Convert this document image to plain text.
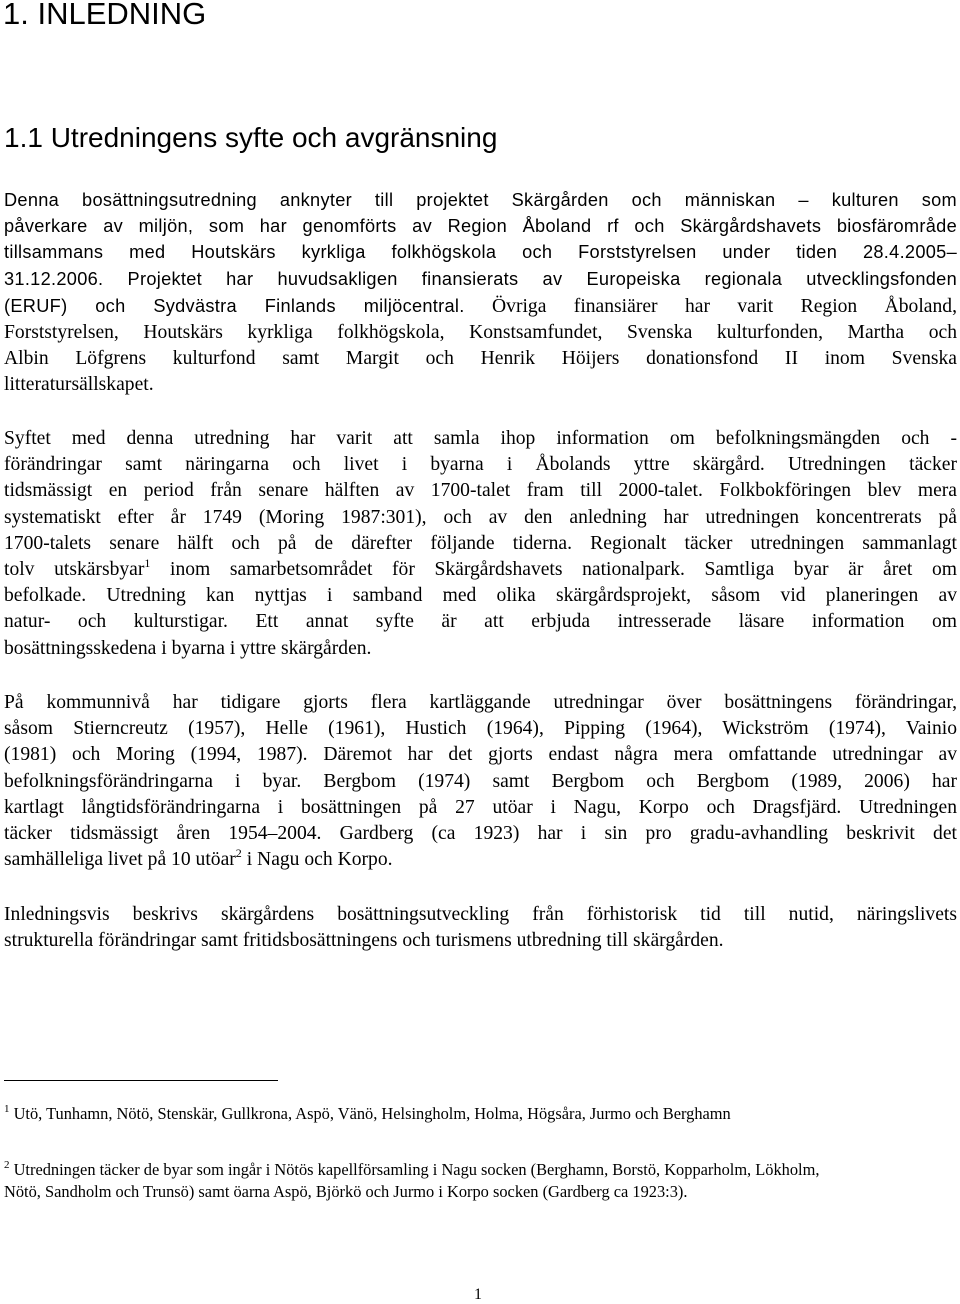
1. INLEDNING
1.1 Utredningens syfte och avgränsning
Denna bosättningsutredning anknyter till projektet Skärgården och människan – kulturen som
påverkare av miljön, som har genomförts av Region Åboland rf och Skärgårdshavets biosfärområde
tillsammans med Houtskärs kyrkliga folkhögskola och Forststyrelsen under tiden 28.4.2005–
31.12.2006. Projektet har huvudsakligen finansierats av Europeiska regionala utvecklingsfonden
(ERUF) och Sydvästra Finlands miljöcentral. Övriga finansiärer har varit Region Åboland,
Forststyrelsen, Houtskärs kyrkliga folkhögskola, Konstsamfundet, Svenska kulturfonden, Martha och
Albin Löfgrens kulturfond samt Margit och Henrik Höijers donationsfond II inom Svenska
litteratursällskapet.
Syftet med denna utredning har varit att samla ihop information om befolkningsmängden och -
förändringar samt näringarna och livet i byarna i Åbolands yttre skärgård. Utredningen täcker
tidsmässigt en period från senare hälften av 1700-talet fram till 2000-talet. Folkbokföringen blev mera
systematiskt efter år 1749 (Moring 1987:301), och av den anledning har utredningen koncentrerats på
1700-talets senare hälft och på de därefter följande tiderna. Regionalt täcker utredningen sammanlagt
tolv utskärsbyar$^1$ inom samarbetsområdet för Skärgårdshavets nationalpark. Samtliga byar är året om
befolkade. Utredning kan nyttjas i samband med olika skärgårdsprojekt, såsom vid planeringen av
natur- och kulturstigar. Ett annat syfte är att erbjuda intresserade läsare information om
bosättningsskedena i byarna i yttre skärgården.
På kommunnivå har tidigare gjorts flera kartläggande utredningar över bosättningens förändringar,
såsom Stierncreutz (1957), Helle (1961), Hustich (1964), Pipping (1964), Wickström (1974), Vainio
(1981) och Moring (1994, 1987). Däremot har det gjorts endast några mera omfattande utredningar av
befolkningsförändringarna i byar. Bergbom (1974) samt Bergbom och Bergbom (1989, 2006) har
kartlagt långtidsförändringarna i bosättningen på 27 utöar i Nagu, Korpo och Dragsfjärd. Utredningen
täcker tidsmässigt åren 1954–2004. Gardberg (ca 1923) har i sin pro gradu-avhandling beskrivit det
samhälleliga livet på 10 utöar$^2$ i Nagu och Korpo.
Inledningsvis beskrivs skärgårdens bosättningsutveckling från förhistorisk tid till nutid, näringslivets
strukturella förändringar samt fritidsbosättningens och turismens utbredning till skärgården.

$^1$ Utö, Tunhamn, Nötö, Stenskär, Gullkrona, Aspö, Vänö, Helsingholm, Holma, Högsåra, Jurmo och Berghamn

$^2$ Utredningen täcker de byar som ingår i Nötös kapellförsamling i Nagu socken (Berghamn, Borstö, Kopparholm, Lökholm,
Nötö, Sandholm och Trunsö) samt öarna Aspö, Björkö och Jurmo i Korpo socken (Gardberg ca 1923:3).

1
